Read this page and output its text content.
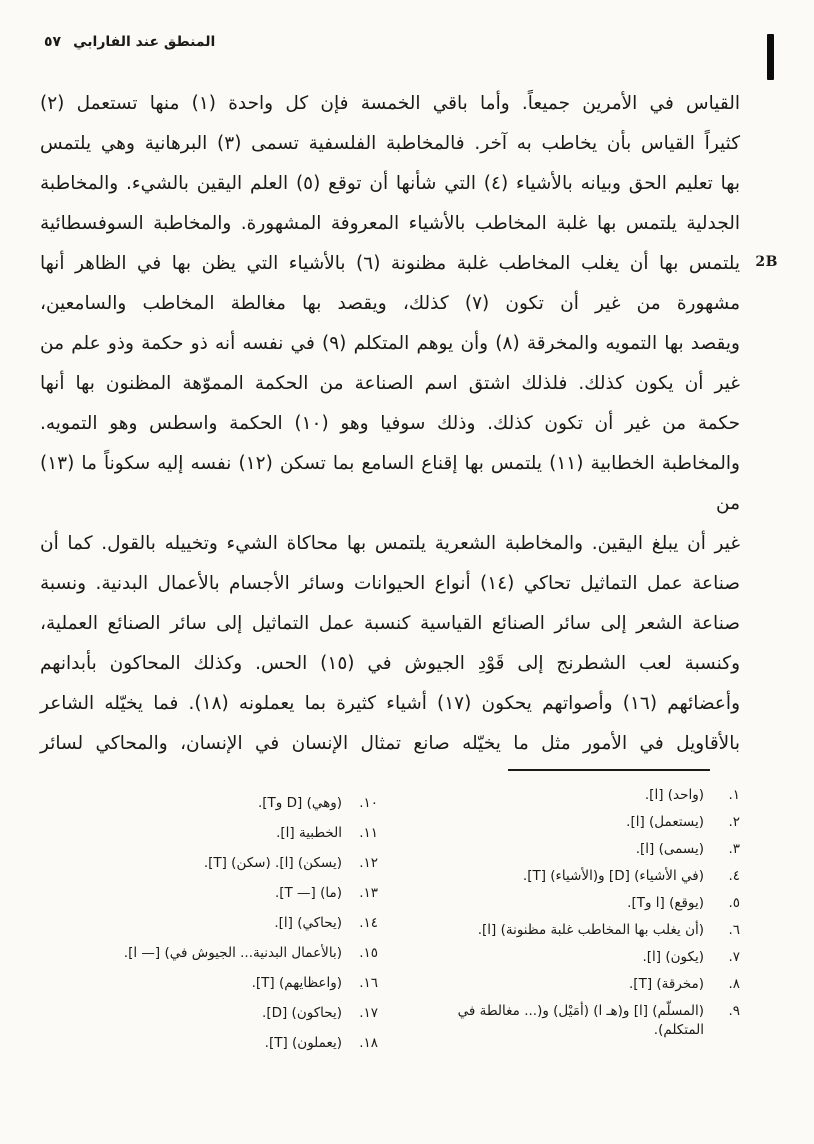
المنطق عند الفارابي
٥٧
2B

القياس في الأمرين جميعاً. وأما باقي الخمسة فإن كل واحدة (١) منها تستعمل (٢)

كثيراً القياس بأن يخاطب به آخر. فالمخاطبة الفلسفية تسمى (٣) البرهانية وهي يلتمس

بها تعليم الحق وبيانه بالأشياء (٤) التي شأنها أن توقع (٥) العلم اليقين بالشيء. والمخاطبة

الجدلية يلتمس بها غلبة المخاطب بالأشياء المعروفة المشهورة. والمخاطبة السوفسطائية

يلتمس بها أن يغلب المخاطب غلبة مظنونة (٦) بالأشياء التي يظن بها في الظاهر أنها

مشهورة من غير أن تكون (٧) كذلك، ويقصد بها مغالطة المخاطب والسامعين،

ويقصد بها التمويه والمخرقة (٨) وأن يوهم المتكلم (٩) في نفسه أنه ذو حكمة وذو علم من

غير أن يكون كذلك. فلذلك اشتق اسم الصناعة من الحكمة المموّهة المظنون بها أنها

حكمة من غير أن تكون كذلك. وذلك سوفيا وهو (١٠) الحكمة واسطس وهو التمويه.

والمخاطبة الخطابية (١١) يلتمس بها إقناع السامع بما تسكن (١٢) نفسه إليه سكوناً ما (١٣) من

غير أن يبلغ اليقين. والمخاطبة الشعرية يلتمس بها محاكاة الشيء وتخييله بالقول. كما أن

صناعة عمل التماثيل تحاكي (١٤) أنواع الحيوانات وسائر الأجسام بالأعمال البدنية. ونسبة

صناعة الشعر إلى سائر الصنائع القياسية كنسبة عمل التماثيل إلى سائر الصنائع العملية،

وكنسبة لعب الشطرنج إلى قَوْدِ الجيوش في (١٥) الحس. وكذلك المحاكون بأبدانهم

وأعضائهم (١٦) وأصواتهم يحكون (١٧) أشياء كثيرة بما يعملونه (١٨). فما يخيّله الشاعر

بالأقاويل في الأمور مثل ما يخيّله صانع تمثال الإنسان في الإنسان، والمحاكي لسائر

١.(واحد) [ا].
٢.(يستعمل) [ا].
٣.(يسمى) [ا].
٤.(في الأشياء) [D] و(الأشياء) [T].
٥.(يوقع) [ا وT].
٦.(أن يغلب بها المخاطب غلبة مظنونة) [ا].
٧.(يكون) [ا].
٨.(مخرقة) [T].
٩.(المسلّم) [ا] و(هـ ا) (أمَيْل) و(... مغالطة في المتكلم).
١٠.(وهي) [D وT].
١١.الخطبية [ا].
١٢.(يسكن) [ا]. (سكن) [T].
١٣.(ما) [— T].
١٤.(يحاكي) [ا].
١٥.(بالأعمال البدنية... الجيوش في) [— ا].
١٦.(واعظايهم) [T].
١٧.(يحاكون) [D].
١٨.(يعملون) [T].
